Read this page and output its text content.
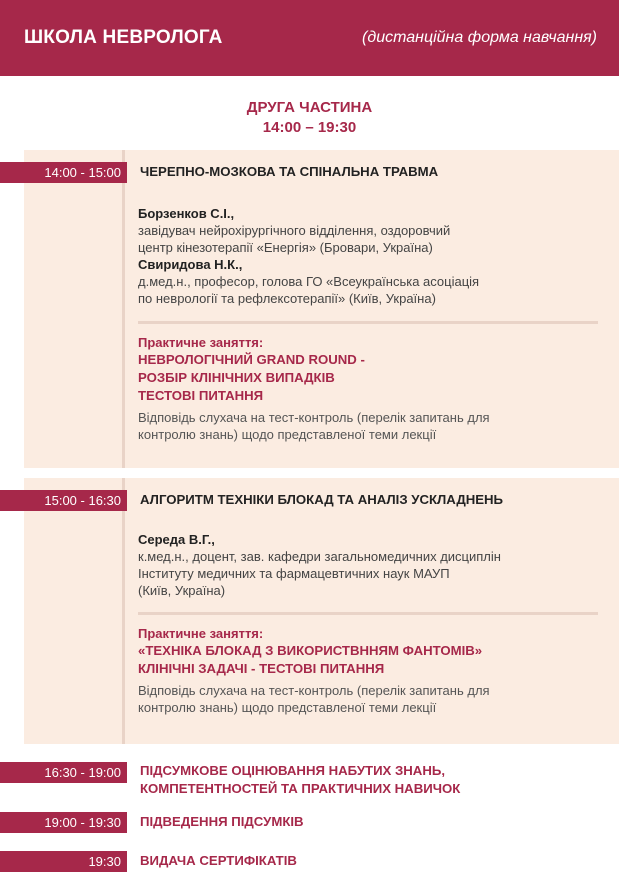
ШКОЛА НЕВРОЛОГА	(дистанційна форма навчання)
ДРУГА ЧАСТИНА
14:00 – 19:30
14:00 - 15:00	ЧЕРЕПНО-МОЗКОВА ТА СПІНАЛЬНА ТРАВМА
Борзенков С.І.,
завідувач нейрохірургічного відділення, оздоровчий
центр кінезотерапії «Енергія» (Бровари, Україна)
Свиридова Н.К.,
д.мед.н., професор, голова ГО «Всеукраїнська асоціація
по неврології та рефлексотерапії» (Київ, Україна)
Практичне заняття:
НЕВРОЛОГІЧНИЙ GRAND ROUND -
РОЗБІР КЛІНІЧНИХ ВИПАДКІВ
ТЕСТОВІ ПИТАННЯ
Відповідь слухача на тест-контроль (перелік запитань для
контролю знань) щодо представленої теми лекції
15:00 - 16:30	АЛГОРИТМ ТЕХНІКИ БЛОКАД ТА АНАЛІЗ УСКЛАДНЕНЬ
Середа В.Г.,
к.мед.н., доцент, зав. кафедри загальномедичних дисциплін
Інституту медичних та фармацевтичних наук МАУП
(Київ, Україна)
Практичне заняття:
«ТЕХНІКА БЛОКАД З ВИКОРИСТВННЯМ ФАНТОМІВ»
КЛІНІЧНІ ЗАДАЧІ - ТЕСТОВІ ПИТАННЯ
Відповідь слухача на тест-контроль (перелік запитань для
контролю знань) щодо представленої теми лекції
16:30 - 19:00	ПІДСУМКОВЕ ОЦІНЮВАННЯ НАБУТИХ ЗНАНЬ,
КОМПЕТЕНТНОСТЕЙ ТА ПРАКТИЧНИХ НАВИЧОК
19:00 - 19:30	ПІДВЕДЕННЯ ПІДСУМКІВ
19:30	ВИДАЧА СЕРТИФІКАТІВ
